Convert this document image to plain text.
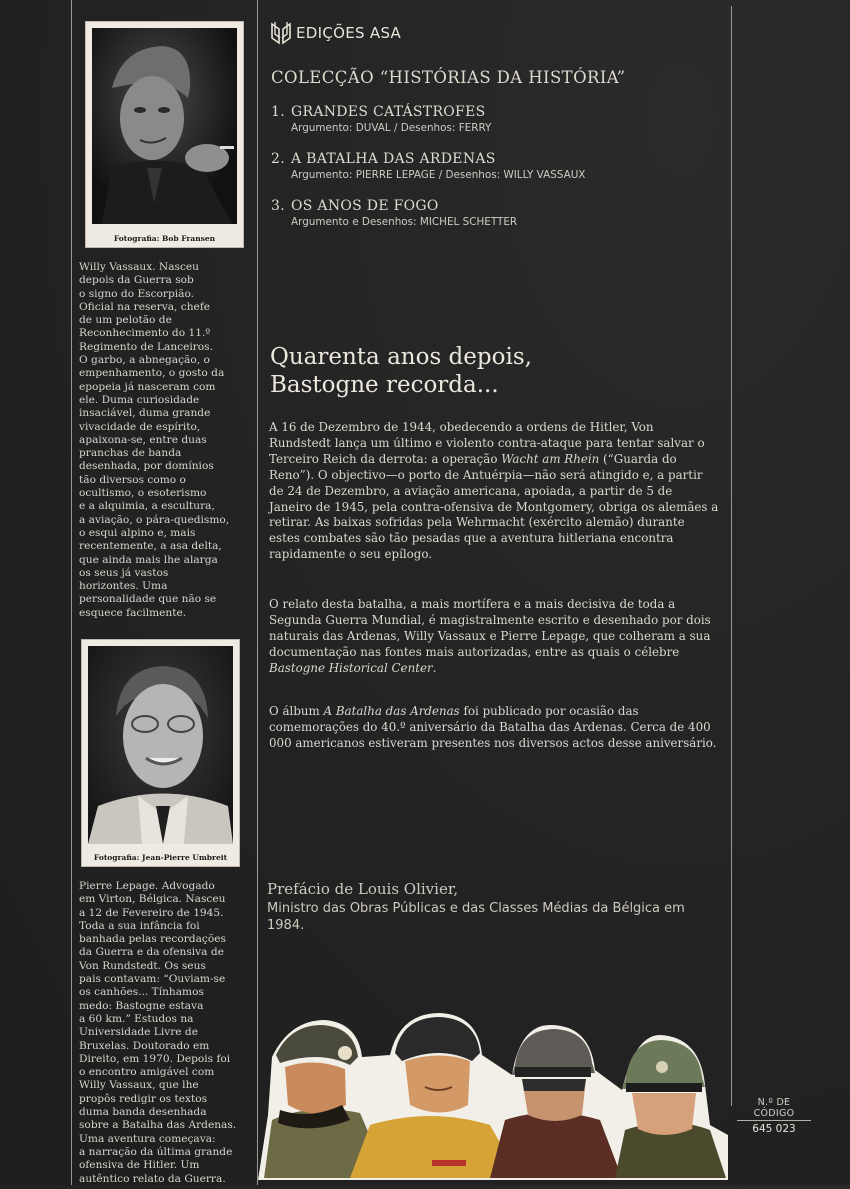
Fotografia: Bob Fransen
Willy Vassaux. Nasceu
depois da Guerra sob
o signo do Escorpião.
Oficial na reserva, chefe
de um pelotão de
Reconhecimento do 11.º
Regimento de Lanceiros.
O garbo, a abnegação, o
empenhamento, o gosto da
epopeia já nasceram com
ele. Duma curiosidade
insaciável, duma grande
vivacidade de espírito,
apaixona-se, entre duas
pranchas de banda
desenhada, por domínios
tão diversos como o
ocultismo, o esoterismo
e a alquimia, a escultura,
a aviação, o pára-quedismo,
o esqui alpino e, mais
recentemente, a asa delta,
que ainda mais lhe alarga
os seus já vastos
horizontes. Uma
personalidade que não se
esquece facilmente.
Fotografia: Jean-Pierre Umbreit
Pierre Lepage. Advogado
em Virton, Bélgica. Nasceu
a 12 de Fevereiro de 1945.
Toda a sua infância foi
banhada pelas recordações
da Guerra e da ofensiva de
Von Rundstedt. Os seus
pais contavam: “Ouviam-se
os canhões... Tínhamos
medo: Bastogne estava
a 60 km.” Estudos na
Universidade Livre de
Bruxelas. Doutorado em
Direito, em 1970. Depois foi
o encontro amigável com
Willy Vassaux, que lhe
propôs redigir os textos
duma banda desenhada
sobre a Batalha das Ardenas.
Uma aventura começava:
a narração da última grande
ofensiva de Hitler. Um
autêntico relato da Guerra.
EDIÇÕES ASA
COLECÇÃO “HISTÓRIAS DA HISTÓRIA”
1. GRANDES CATÁSTROFES
Argumento: DUVAL / Desenhos: FERRY
2. A BATALHA DAS ARDENAS
Argumento: PIERRE LEPAGE / Desenhos: WILLY VASSAUX
3. OS ANOS DE FOGO
Argumento e Desenhos: MICHEL SCHETTER
Quarenta anos depois,
Bastogne recorda...
A 16 de Dezembro de 1944, obedecendo a ordens de Hitler, Von Rundstedt lança um último e violento contra-ataque para tentar salvar o Terceiro Reich da derrota: a operação Wacht am Rhein (“Guarda do Reno”). O objectivo—o porto de Antuérpia—não será atingido e, a partir de 24 de Dezembro, a aviação americana, apoiada, a partir de 5 de Janeiro de 1945, pela contra-ofensiva de Montgomery, obriga os alemães a retirar. As baixas sofridas pela Wehrmacht (exército alemão) durante estes combates são tão pesadas que a aventura hitleriana encontra rapidamente o seu epílogo.
O relato desta batalha, a mais mortífera e a mais decisiva de toda a Segunda Guerra Mundial, é magistralmente escrito e desenhado por dois naturais das Ardenas, Willy Vassaux e Pierre Lepage, que colheram a sua documentação nas fontes mais autorizadas, entre as quais o célebre Bastogne Historical Center.
O álbum A Batalha das Ardenas foi publicado por ocasião das comemorações do 40.º aniversário da Batalha das Ardenas. Cerca de 400 000 americanos estiveram presentes nos diversos actos desse aniversário.
Prefácio de Louis Olivier,
Ministro das Obras Públicas e das Classes Médias da Bélgica em 1984.
N.º DE CÓDIGO
645 023
